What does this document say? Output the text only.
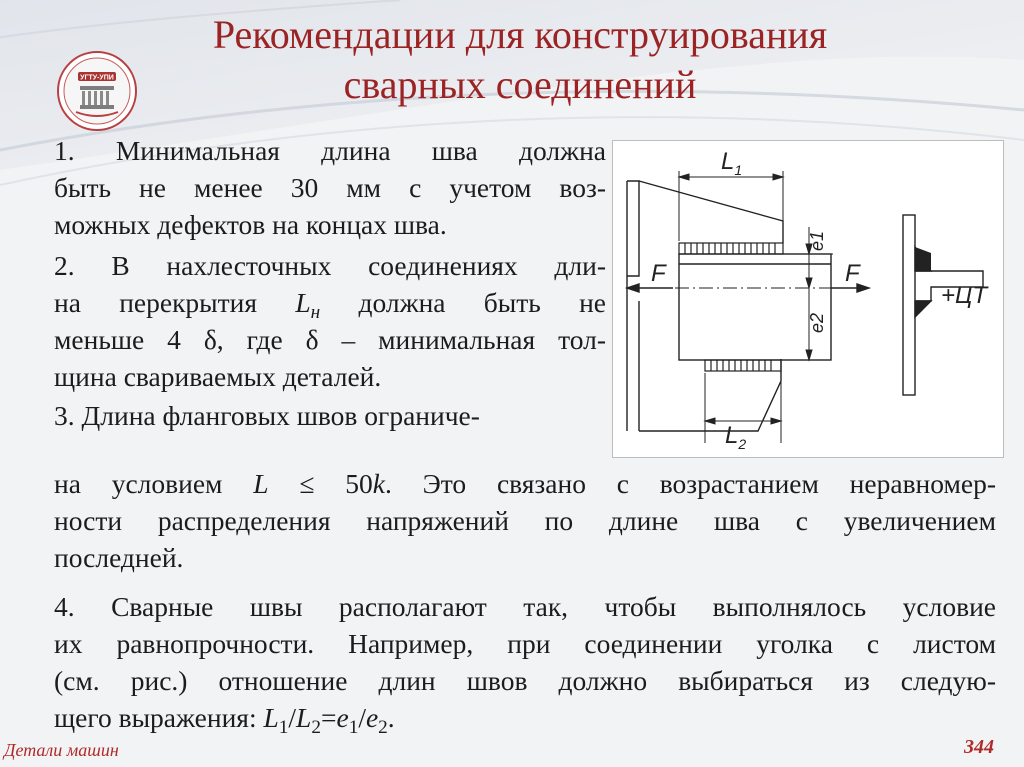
УГТУ-УПИ
Рекомендации для конструирования
сварных соединений

1. Минимальная длина шва должна

быть не менее 30 мм с учетом воз-

можных дефектов на концах шва.

2. В нахлесточных соединениях дли-

на перекрытия $L_н$ должна быть не

меньше 4 δ, где δ – минимальная тол-

щина свариваемых деталей.

3. Длина фланговых швов ограниче-

на условием L ≤ 50k. Это связано с возрастанием неравномер-

ности распределения напряжений по длине шва с увеличением

последней.

4. Сварные швы располагают так, чтобы выполнялось условие

их равнопрочности. Например, при соединении уголка с листом

(см. рис.) отношение длин швов должно выбираться из следую-

щего выражения: $L_1/L_2=e_1/e_2$.

$L_1$
$L_2$
e1
e2
F	F
+ЦТ
Детали машин	344
